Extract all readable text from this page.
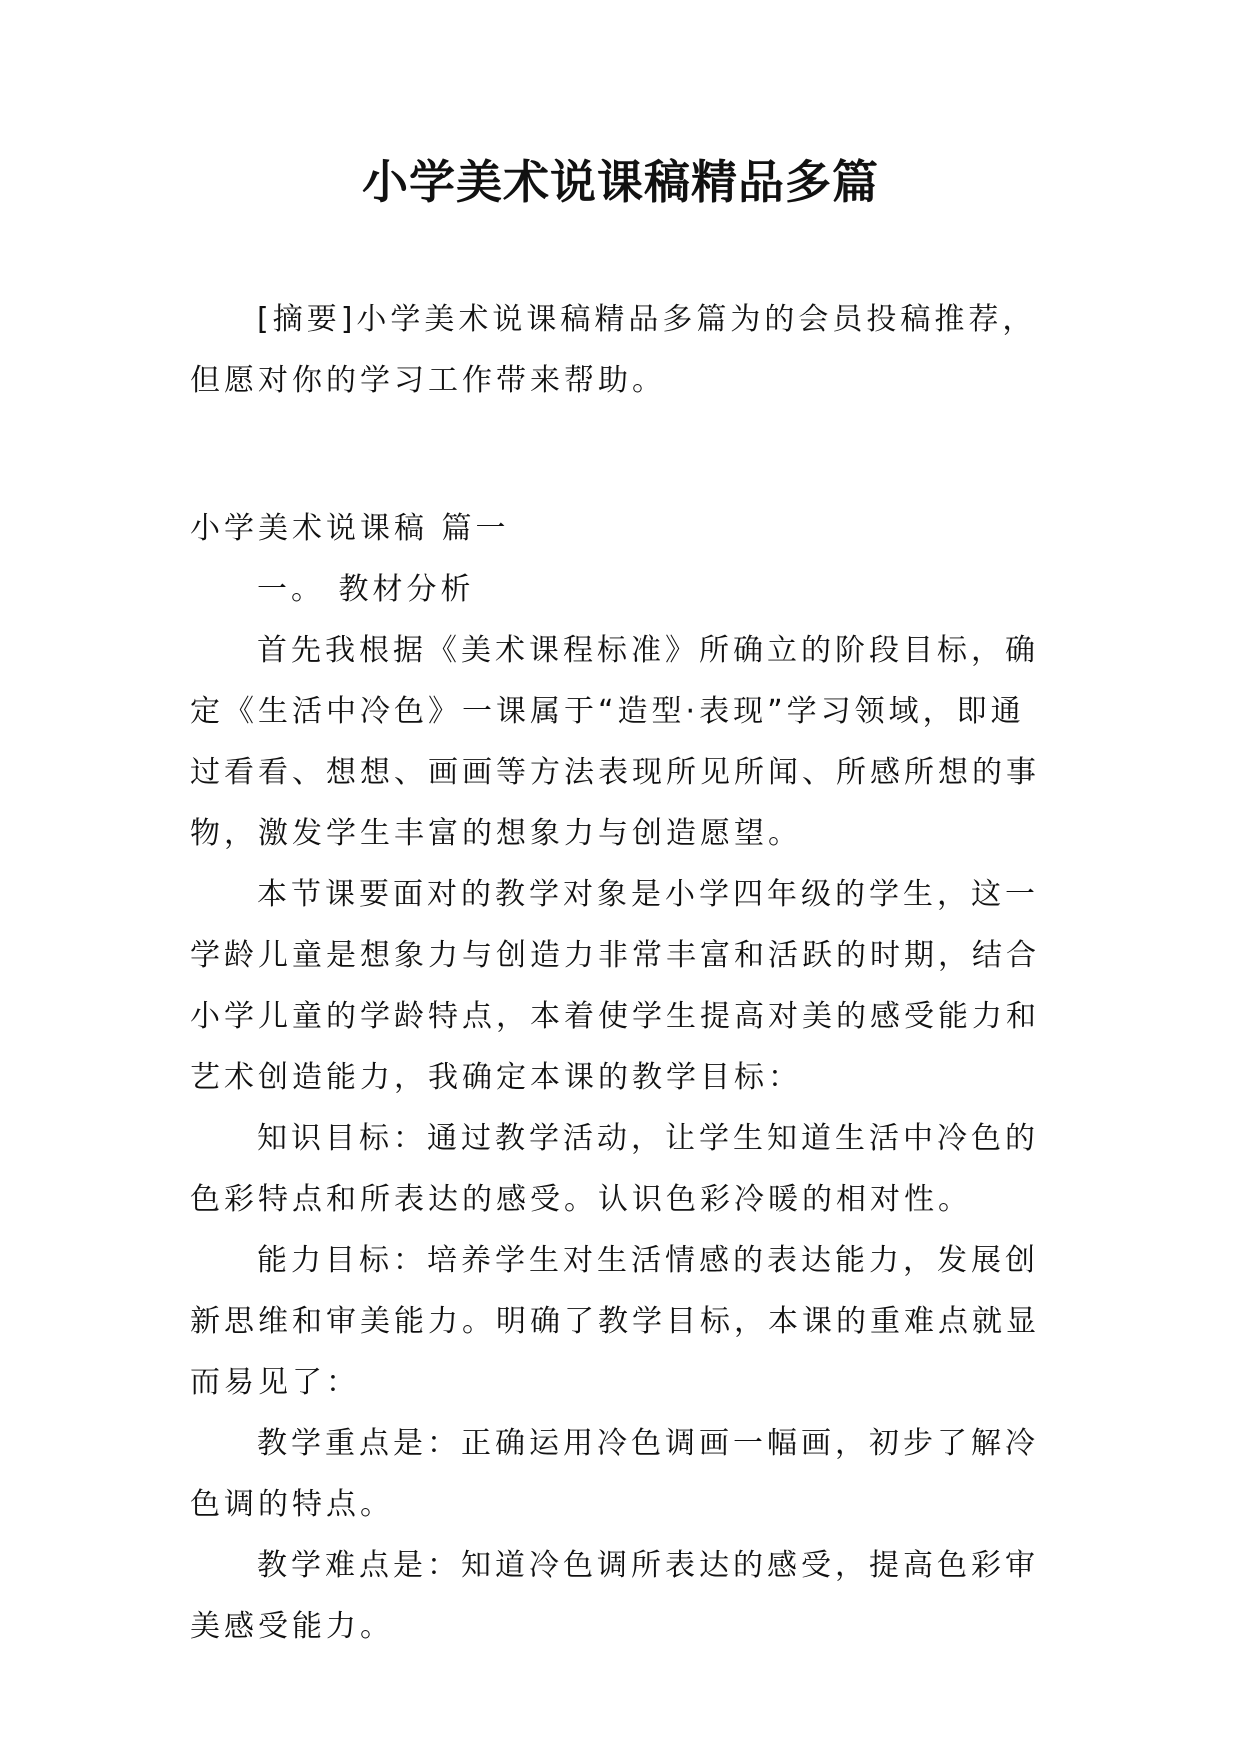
小学美术说课稿精品多篇

[摘要]小学美术说课稿精品多篇为的会员投稿推荐，但愿对你的学习工作带来帮助。

小学美术说课稿 篇一

一。 教材分析

首先我根据《美术课程标准》所确立的阶段目标，确定《生活中冷色》一课属于“造型·表现”学习领域，即通过看看、想想、画画等方法表现所见所闻、所感所想的事物，激发学生丰富的想象力与创造愿望。

本节课要面对的教学对象是小学四年级的学生，这一学龄儿童是想象力与创造力非常丰富和活跃的时期，结合小学儿童的学龄特点，本着使学生提高对美的感受能力和艺术创造能力，我确定本课的教学目标：

知识目标：通过教学活动，让学生知道生活中冷色的色彩特点和所表达的感受。认识色彩冷暖的相对性。

能力目标：培养学生对生活情感的表达能力，发展创新思维和审美能力。明确了教学目标，本课的重难点就显而易见了：

教学重点是：正确运用冷色调画一幅画，初步了解冷色调的特点。

教学难点是：知道冷色调所表达的感受，提高色彩审美感受能力。
